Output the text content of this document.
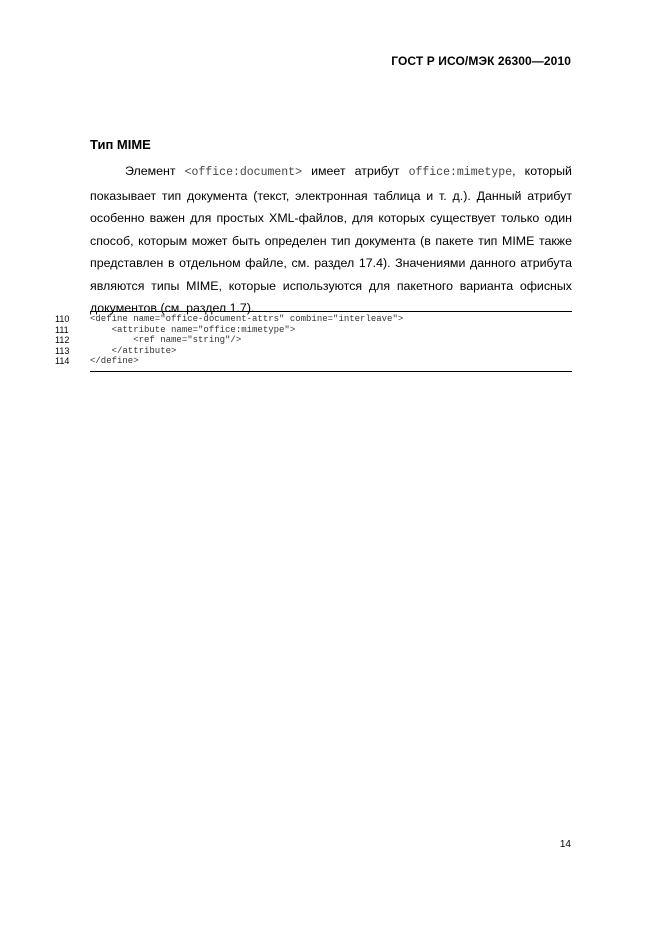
ГОСТ Р ИСО/МЭК 26300—2010
Тип MIME

Элемент <office:document> имеет атрибут office:mimetype, который показывает тип документа (текст, электронная таблица и т. д.). Данный атрибут особенно важен для простых XML-файлов, для которых существует только один способ, которым может быть определен тип документа (в пакете тип MIME также представлен в отдельном файле, см. раздел 17.4). Значениями данного атрибута являются типы MIME, которые используются для пакетного варианта офисных документов (см. раздел 1.7).

110 <define name="office-document-attrs" combine="interleave">
111 <attribute name="office:mimetype">
112 <ref name="string"/>
113 </attribute>
114 </define>
14
